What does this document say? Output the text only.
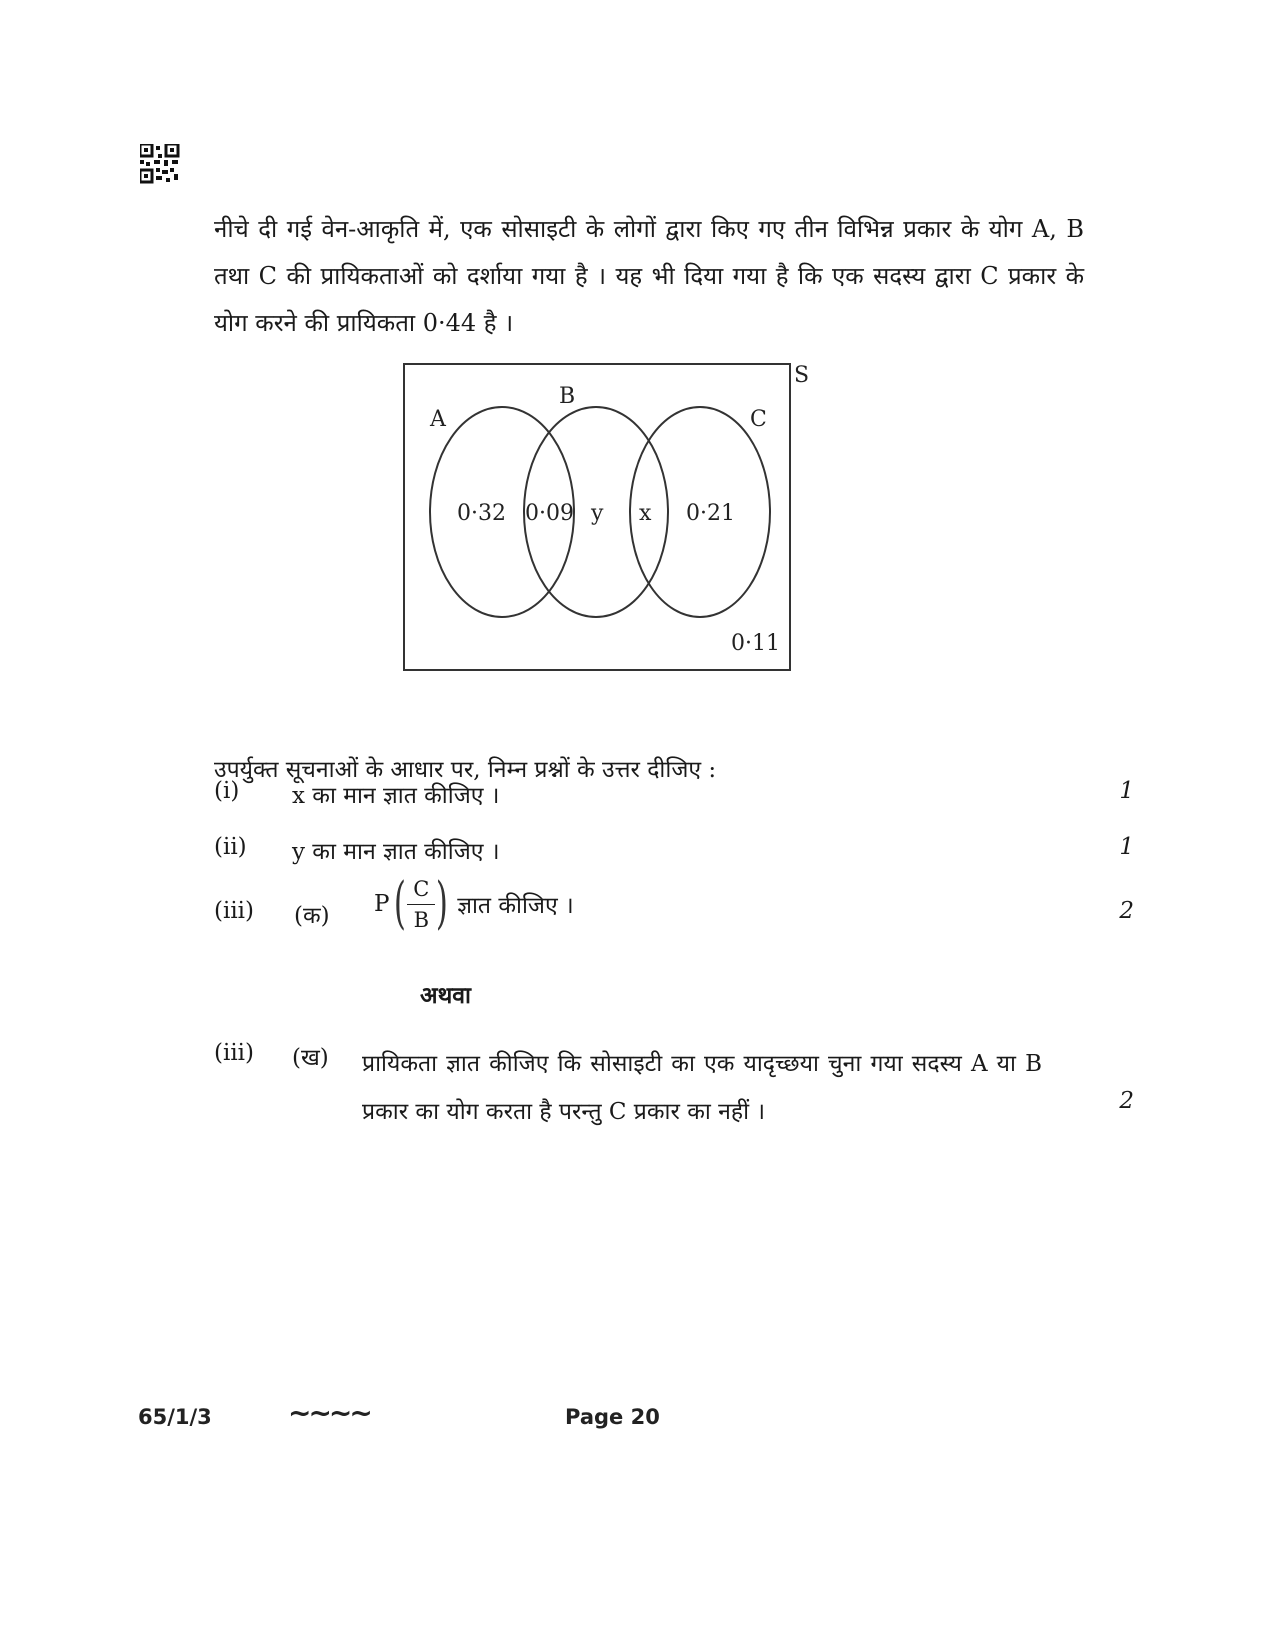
नीचे दी गई वेन-आकृति में, एक सोसाइटी के लोगों द्वारा किए गए तीन विभिन्न प्रकार के योग A, B तथा C की प्रायिकताओं को दर्शाया गया है । यह भी दिया गया है कि एक सदस्य द्वारा C प्रकार के योग करने की प्रायिकता 0·44 है ।
S
A
B
C
0·32 0·09 y x 0·21
0·11
उपर्युक्त सूचनाओं के आधार पर, निम्न प्रश्नों के उत्तर दीजिए :
(i) x का मान ज्ञात कीजिए ।	1
(ii) y का मान ज्ञात कीजिए ।	1
(iii) (क) P ( $\frac{C}{B}$ ) ज्ञात कीजिए ।	2
अथवा
(iii) (ख) प्रायिकता ज्ञात कीजिए कि सोसाइटी का एक यादृच्छया चुना गया सदस्य A या B प्रकार का योग करता है परन्तु C प्रकार का नहीं ।	2
65/1/3	~~~~	Page 20
